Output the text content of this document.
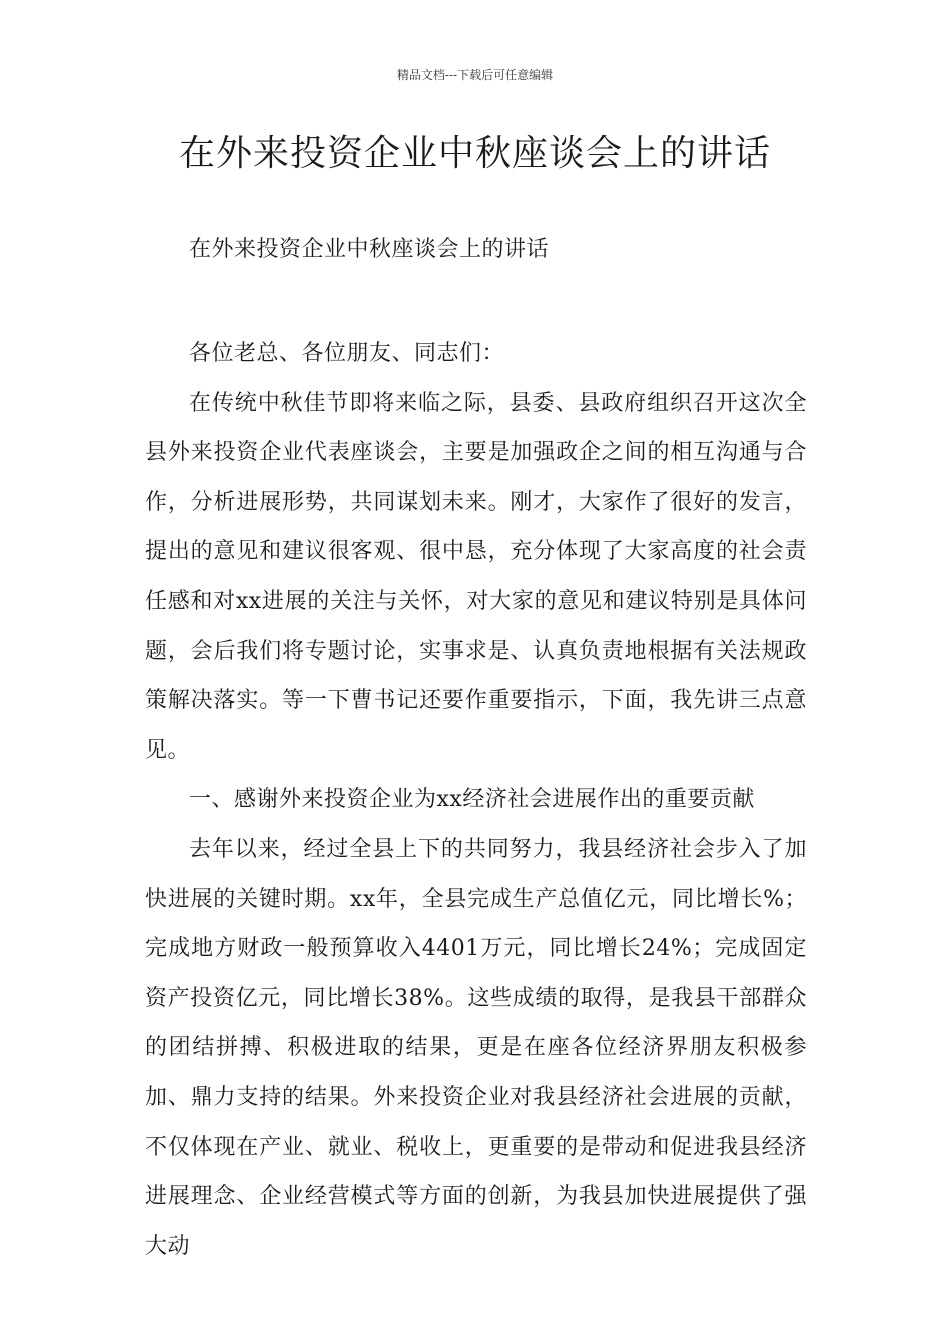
精品文档---下载后可任意编辑
在外来投资企业中秋座谈会上的讲话
在外来投资企业中秋座谈会上的讲话

各位老总、各位朋友、同志们：

在传统中秋佳节即将来临之际，县委、县政府组织召开这次全县外来投资企业代表座谈会，主要是加强政企之间的相互沟通与合作，分析进展形势，共同谋划未来。刚才，大家作了很好的发言，提出的意见和建议很客观、很中恳，充分体现了大家高度的社会责任感和对xx进展的关注与关怀，对大家的意见和建议特别是具体问题，会后我们将专题讨论，实事求是、认真负责地根据有关法规政策解决落实。等一下曹书记还要作重要指示，下面，我先讲三点意见。

一、感谢外来投资企业为xx经济社会进展作出的重要贡献

去年以来，经过全县上下的共同努力，我县经济社会步入了加快进展的关键时期。xx年，全县完成生产总值亿元，同比增长%；完成地方财政一般预算收入4401万元，同比增长24%；完成固定资产投资亿元，同比增长38%。这些成绩的取得，是我县干部群众的团结拼搏、积极进取的结果，更是在座各位经济界朋友积极参加、鼎力支持的结果。外来投资企业对我县经济社会进展的贡献，不仅体现在产业、就业、税收上，更重要的是带动和促进我县经济进展理念、企业经营模式等方面的创新，为我县加快进展提供了强大动
